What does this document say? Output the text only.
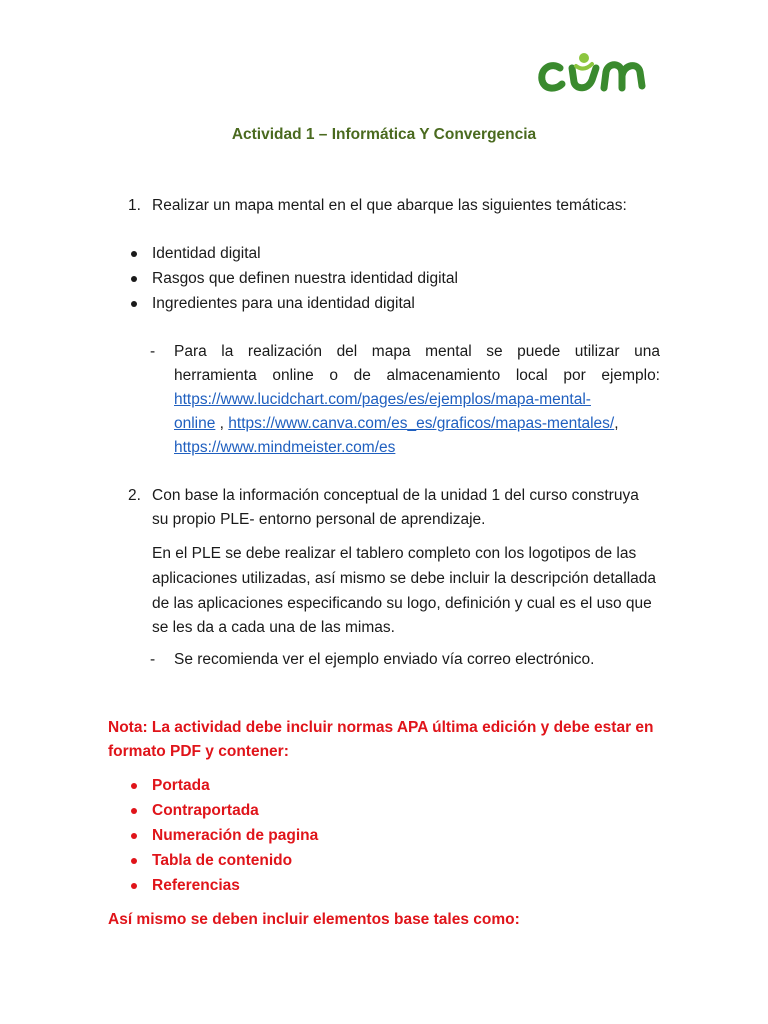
cun
Actividad 1 – Informática Y Convergencia
1. Realizar un mapa mental en el que abarque las siguientes temáticas:
Identidad digital
Rasgos que definen nuestra identidad digital
Ingredientes para una identidad digital
- Para la realización del mapa mental se puede utilizar una
herramienta online o de almacenamiento local por ejemplo:
https://www.lucidchart.com/pages/es/ejemplos/mapa-mental-
online , https://www.canva.com/es_es/graficos/mapas-mentales/,
https://www.mindmeister.com/es
2. Con base la información conceptual de la unidad 1 del curso construya
su propio PLE- entorno personal de aprendizaje.
En el PLE se debe realizar el tablero completo con los logotipos de las
aplicaciones utilizadas, así mismo se debe incluir la descripción detallada
de las aplicaciones especificando su logo, definición y cual es el uso que
se les da a cada una de las mimas.
- Se recomienda ver el ejemplo enviado vía correo electrónico.
Nota: La actividad debe incluir normas APA última edición y debe estar en
formato PDF y contener:
Portada
Contraportada
Numeración de pagina
Tabla de contenido
Referencias
Así mismo se deben incluir elementos base tales como:
